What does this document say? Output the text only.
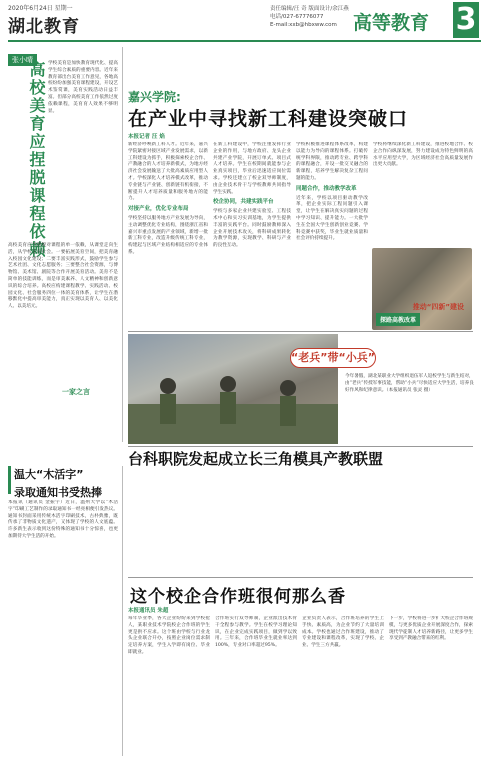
2020年6月24日 星期一
湖北教育
责任编辑/汪 奇 版面设计/余江燕
电话/027-67776077
E-mail:xxb@hbxww.com 高等教育 3
张小晴
高校美育应捏脱课程依赖 学校美育是加快教育现代化、提高学生综合素质的重要内容。近年来教育部出台美育工作意见，各地高校纷纷加强美育课程建设，开设艺术鉴赏课，美育实践活动日益丰富。但部分高校美育工作依然过度依赖课程，美育育人效果不够明显。
高校美育应当摆脱对课程的单一依赖，从课堂走向生活，从学校走向社会。一要拓展美育空间，把美育融入校园文化建设；二要丰富实践形式，鼓励学生参与艺术社团、文化志愿服务；三要整合社会资源，与博物馆、美术馆、剧院等合作开展美育活动。美育不是简单的技能训练，而是审美素养、人文精神和创新意识的综合培养。高校应构建课程教学、实践活动、校园文化、社会服务四位一体的美育体系，让学生在潜移默化中提高审美能力，真正实现以美育人、以美化人、以美培元。
一家之言
嘉兴学院:
在产业中寻找新工科建设突破口
本报记者 汪 焰
新经济呼唤新工科人才。近年来，嘉兴学院紧密对接区域产业发展需求，以新工科建设为抓手，积极探索校企合作、产教融合的人才培养新模式，为地方经济社会发展输送了大批高素质应用型人才。学校深化人才培养模式改革，推动专业链与产业链、创新链有机衔接，不断提升人才培养质量和服务地方的能力。
对接产业，优化专业布局
学校坚持以服务地方产业发展为导向，主动调整优化专业结构，围绕浙江省和嘉兴市重点发展的产业领域，新增一批新工科专业，改造升级传统工科专业，构建起与区域产业结构相适应的专业体系。
在新工科建设中，学校注重发挥行业企业的作用，与地方政府、龙头企业共建产业学院，开展订单式、项目式人才培养。学生在校期间就能参与企业真实项目，毕业后迅速适应岗位需求。学校还建立了校企双导师制度，由企业技术骨干与学校教师共同指导学生实践。
校企协同，共建实践平台
学校与多家企业共建实验室、工程技术中心和实习实训基地，为学生提供丰富的实践平台。同时鼓励教师深入企业开展技术攻关，将科研成果转化为教学资源，实现教学、科研与产业的良性互动。
学校积极推进课程体系改革，构建以能力为导向的课程体系。打破传统学科界限，推动跨专业、跨学科的课程融合，开设一批交叉融合的新课程，培养学生解决复杂工程问题的能力。
同题合作，推动教学改革
近年来，学校以项目驱动教学改革，把企业实际工程问题引入课堂，让学生在解决真实问题的过程中学习知识、提升能力。一大批学生在全国大学生创新创业竞赛、学科竞赛中获奖，毕业生就业质量和社会评价持续提升。
学校将继续深化新工科建设，推进校地合作、校企合作向纵深发展，努力建设成为特色鲜明的高水平应用型大学，为区域经济社会高质量发展作出更大贡献。
推动“四新”建设
探路高教改革
“老兵”带“小兵”
今年暑假，湖北某职业大学组织退伍军人返校学生与新生结对，由“老兵”传授军事技能，帮助“小兵”尽快适应大学生活，培养良好作风和纪律意识。（本报通讯员 张灵 摄）
台科职院发起成立长三角模具产教联盟
温大“木活字”
录取通知书受热捧
本报讯（通讯员 金振宇）近日，温州大学以“木活字”印刷工艺制作的录取通知书一经亮相便引发热议。通知书封面采用传统木活字印刷技术，古朴典雅，既传承了非物质文化遗产，又体现了学校的人文底蕴。许多新生表示收到这份特殊的通知书十分惊喜，也更加期待大学生活的开始。
这个校企合作班很何那么香
本报通讯员 朱超
每年毕业季，各大企业纷纷来到学校抢人，某职业技术学院校企合作班的学生更是供不应求。这个班由学校与行业龙头企业联合开办，按照企业岗位需求制定培养方案，学生入学即有岗位、毕业即就业。
合作班实行双导师制，企业派出技术骨干全程参与教学。学生在校学习理论知识，在企业完成实践项目，做到学以致用。三年来，合作班毕业生就业率达到100%，专业对口率超过95%。
企业负责人表示，合作班培养的学生上手快、素质高，为企业节约了大量培训成本。学校也通过合作班建设，推动了专业建设和课程改革，实现了学校、企业、学生三方共赢。
下一步，学校将进一步扩大校企合作班规模，与更多优质企业开展深度合作，探索现代学徒制人才培养新路径，让更多学生享受到产教融合带来的红利。
